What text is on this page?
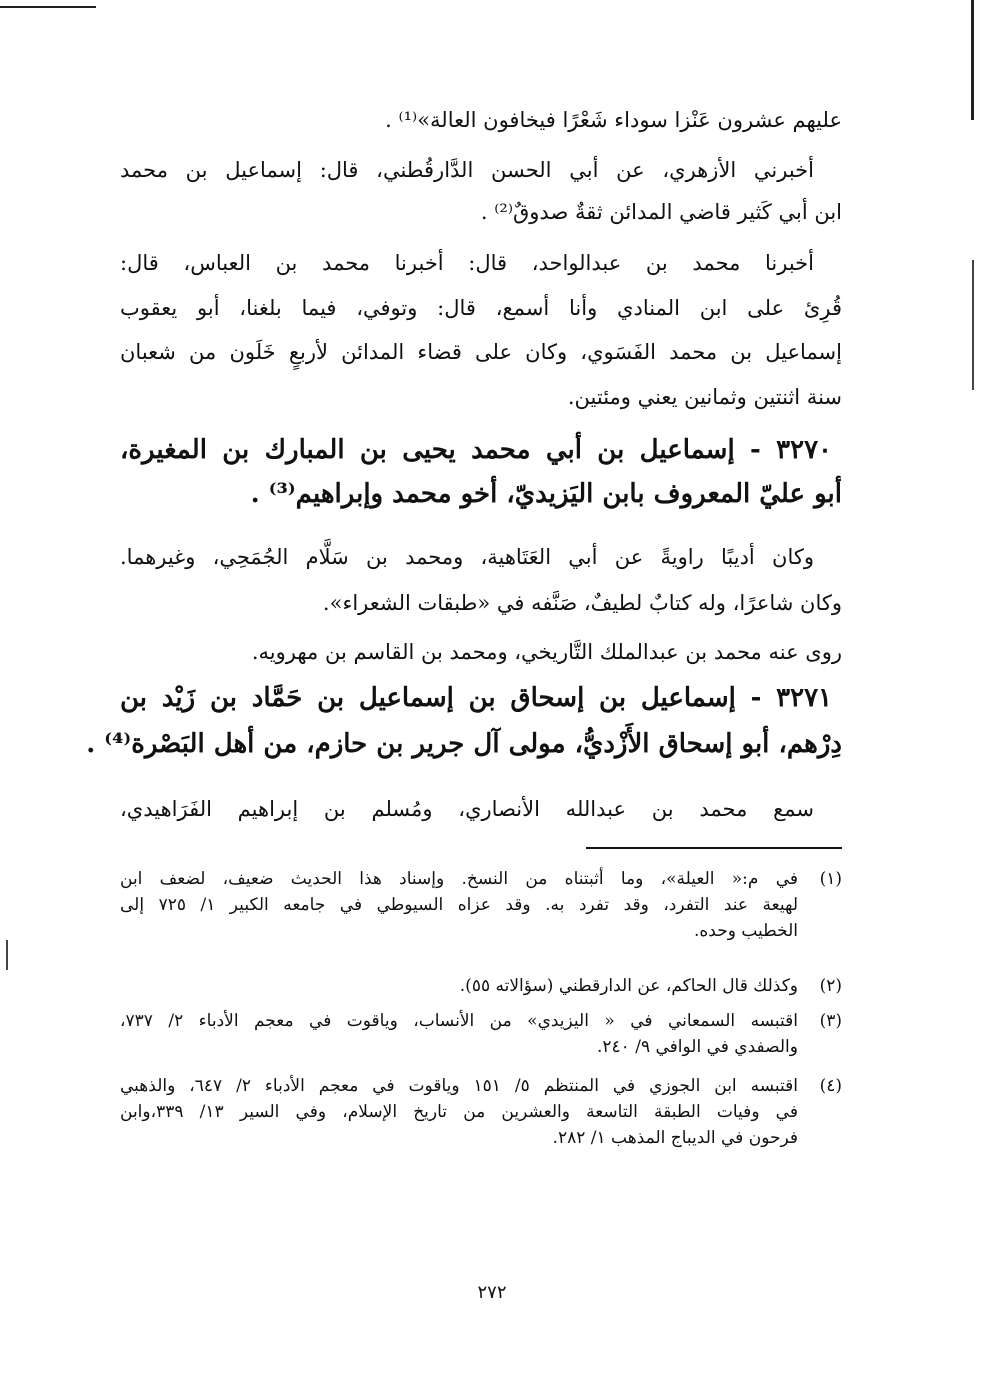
عليهم عشرون عَنْزا سوداء شَعْرًا فيخافون العالة»⁽¹⁾ .
أخبرني الأزهري، عن أبي الحسن الدَّارقُطني، قال: إسماعيل بن محمد
ابن أبي كَثير قاضي المدائن ثقةٌ صدوقٌ⁽²⁾ .
أخبرنا محمد بن عبدالواحد، قال: أخبرنا محمد بن العباس، قال:
قُرِئ على ابن المنادي وأنا أسمع، قال: وتوفي، فيما بلغنا، أبو يعقوب
إسماعيل بن محمد الفَسَوي، وكان على قضاء المدائن لأربعٍ خَلَون من شعبان
سنة اثنتين وثمانين يعني ومئتين.
٣٢٧٠ - إسماعيل بن أبي محمد يحيى بن المبارك بن المغيرة،
أبو عليّ المعروف بابن اليَزيديّ، أخو محمد وإبراهيم⁽³⁾ .
وكان أديبًا راويةً عن أبي العَتَاهية، ومحمد بن سَلَّام الجُمَحِي، وغيرهما.
وكان شاعرًا، وله كتابٌ لطيفٌ، صَنَّفه في «طبقات الشعراء».
روى عنه محمد بن عبدالملك التَّاريخي، ومحمد بن القاسم بن مهرويه.
٣٢٧١ - إسماعيل بن إسحاق بن إسماعيل بن حَمَّاد بن زَيْد بن
دِرْهم، أبو إسحاق الأَزْديُّ، مولى آل جرير بن حازم، من أهل البَصْرة⁽⁴⁾ .
سمع محمد بن عبدالله الأنصاري، ومُسلم بن إبراهيم الفَرَاهيدي،
(١)
في م:« العيلة»، وما أثبتناه من النسخ. وإسناد هذا الحديث ضعيف، لضعف ابن
لهيعة عند التفرد، وقد تفرد به. وقد عزاه السيوطي في جامعه الكبير ١/ ٧٢٥ إلى
الخطيب وحده.
(٢)
وكذلك قال الحاكم، عن الدارقطني (سؤالاته ٥٥).
(٣)
اقتبسه السمعاني في « اليزيدي» من الأنساب، وياقوت في معجم الأدباء ٢/ ٧٣٧،
والصفدي في الوافي ٩/ ٢٤٠.
(٤)
اقتبسه ابن الجوزي في المنتظم ٥/ ١٥١ وياقوت في معجم الأدباء ٢/ ٦٤٧، والذهبي
في وفيات الطبقة التاسعة والعشرين من تاريخ الإسلام، وفي السير ١٣/ ٣٣٩،وابن
فرحون في الديباج المذهب ١/ ٢٨٢.
٢٧٢
